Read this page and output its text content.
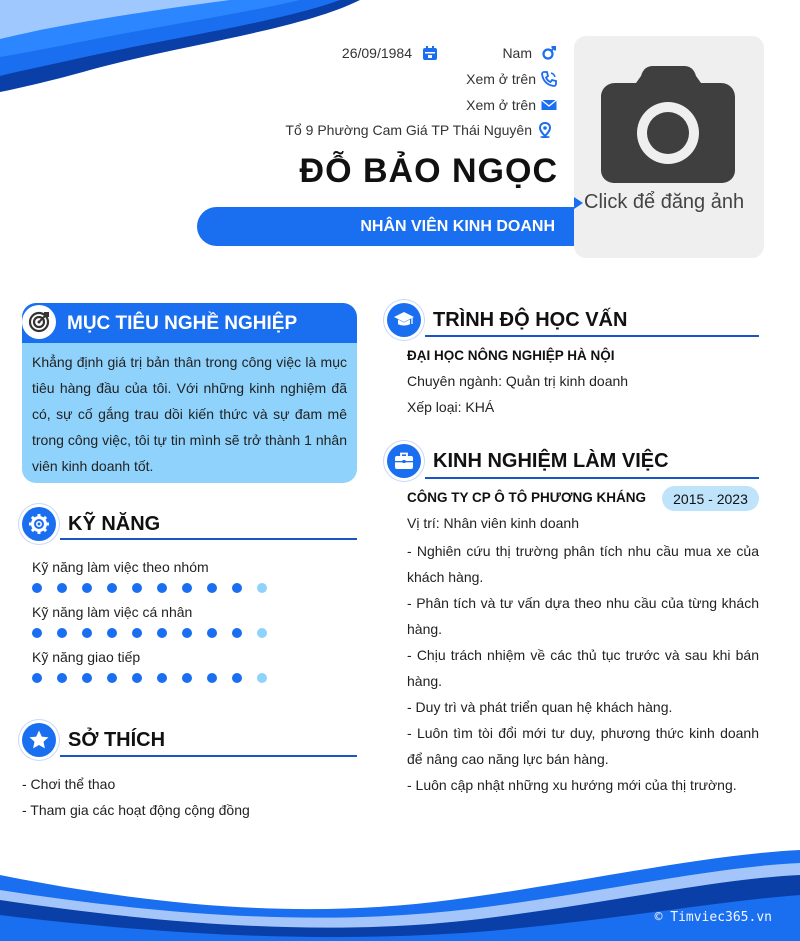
26/09/1984	Nam
Xem ở trên
Xem ở trên
Tổ 9 Phường Cam Giá TP Thái Nguyên
ĐỖ BẢO NGỌC
NHÂN VIÊN KINH DOANH
Click để đăng ảnh
MỤC TIÊU NGHỀ NGHIỆP
Khẳng định giá trị bản thân trong công việc là mục tiêu hàng đầu của tôi. Với những kinh nghiệm đã có, sự cố gắng trau dồi kiến thức và sự đam mê trong công việc, tôi tự tin mình sẽ trở thành 1 nhân viên kinh doanh tốt.
KỸ NĂNG
Kỹ năng làm việc theo nhóm
Kỹ năng làm việc cá nhân
Kỹ năng giao tiếp
SỞ THÍCH
- Chơi thể thao
- Tham gia các hoạt động cộng đồng
TRÌNH ĐỘ HỌC VẤN
ĐẠI HỌC NÔNG NGHIỆP HÀ NỘI
Chuyên ngành: Quản trị kinh doanh
Xếp loại: KHÁ
KINH NGHIỆM LÀM VIỆC
CÔNG TY CP Ô TÔ PHƯƠNG KHÁNG 2015 - 2023
Vị trí: Nhân viên kinh doanh
- Nghiên cứu thị trường phân tích nhu cầu mua xe của khách hàng.
- Phân tích và tư vấn dựa theo nhu cầu của từng khách hàng.
- Chịu trách nhiệm về các thủ tục trước và sau khi bán hàng.
- Duy trì và phát triển quan hệ khách hàng.
- Luôn tìm tòi đổi mới tư duy, phương thức kinh doanh để nâng cao năng lực bán hàng.
- Luôn cập nhật những xu hướng mới của thị trường.
© Timviec365.vn
